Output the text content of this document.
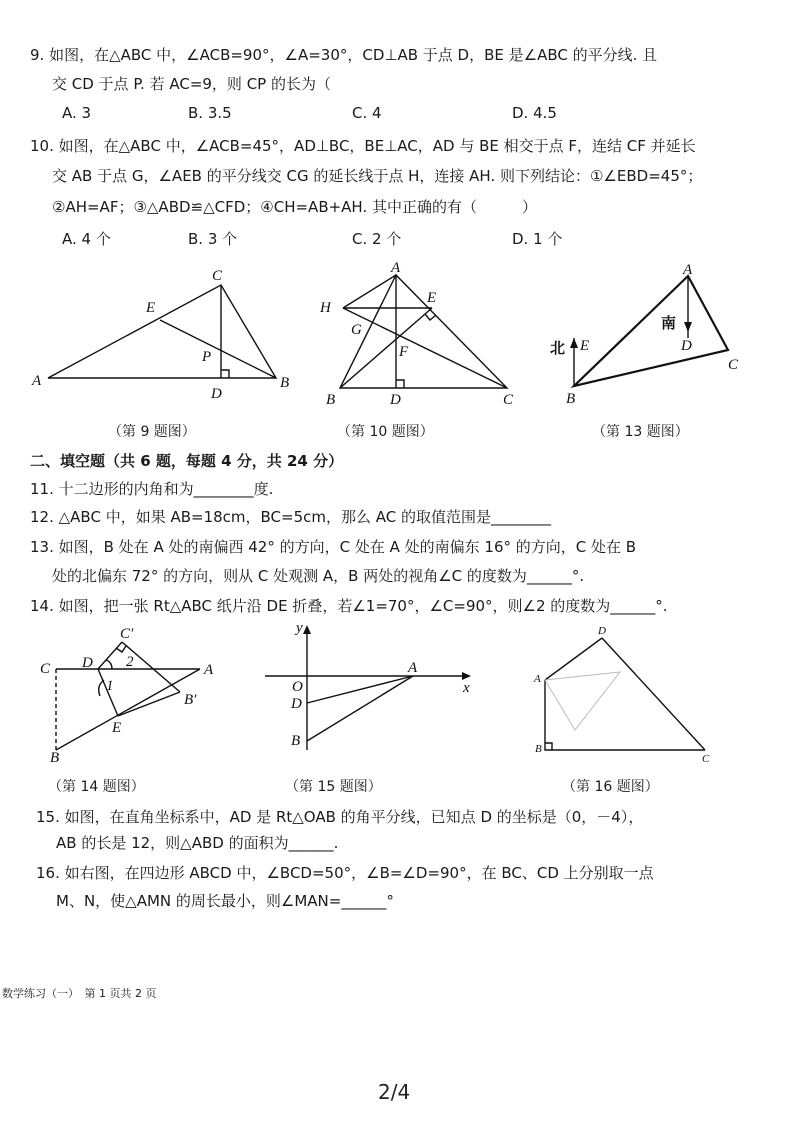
9. 如图，在△ABC 中，∠ACB=90°，∠A=30°，CD⊥AB 于点 D，BE 是∠ABC 的平分线. 且
交 CD 于点 P. 若 AC=9，则 CP 的长为（
A. 3	B. 3.5	C. 4	D. 4.5
10. 如图，在△ABC 中，∠ACB=45°，AD⊥BC，BE⊥AC，AD 与 BE 相交于点 F，连结 CF 并延长
交 AB 于点 G，∠AEB 的平分线交 CG 的延长线于点 H，连接 AH. 则下列结论：①∠EBD=45°；
②AH=AF；③△ABD≌△CFD；④CH=AB+AH. 其中正确的有（　　　）
A. 4 个	B. 3 个	C. 2 个	D. 1 个
C
E
P
A
D
B
A
H
E
G
F
B	D	C
A
南
D
北 E
C
B
（第 9 题图）	（第 10 题图）	（第 13 题图）
二、填空题（共 6 题，每题 4 分，共 24 分）
11. 十二边形的内角和为________度.
12. △ABC 中，如果 AB=18cm，BC=5cm，那么 AC 的取值范围是________
13. 如图，B 处在 A 处的南偏西 42° 的方向，C 处在 A 处的南偏东 16° 的方向，C 处在 B
处的北偏东 72° 的方向，则从 C 处观测 A，B 两处的视角∠C 的度数为______°.
14. 如图，把一张 Rt△ABC 纸片沿 DE 折叠，若∠1=70°，∠C=90°，则∠2 的度数为______°.
C′
C D 2
1
A
B′
E
B
y
O
A
x
D
B
D
A
B
C
（第 14 题图）	（第 15 题图）	（第 16 题图）
15. 如图，在直角坐标系中，AD 是 Rt△OAB 的角平分线，已知点 D 的坐标是（0，－4），
AB 的长是 12，则△ABD 的面积为______.
16. 如右图，在四边形 ABCD 中，∠BCD=50°，∠B=∠D=90°，在 BC、CD 上分别取一点
M、N，使△AMN 的周长最小，则∠MAN=______°
数学练习（一）　第 1 页共 2 页
2/4
